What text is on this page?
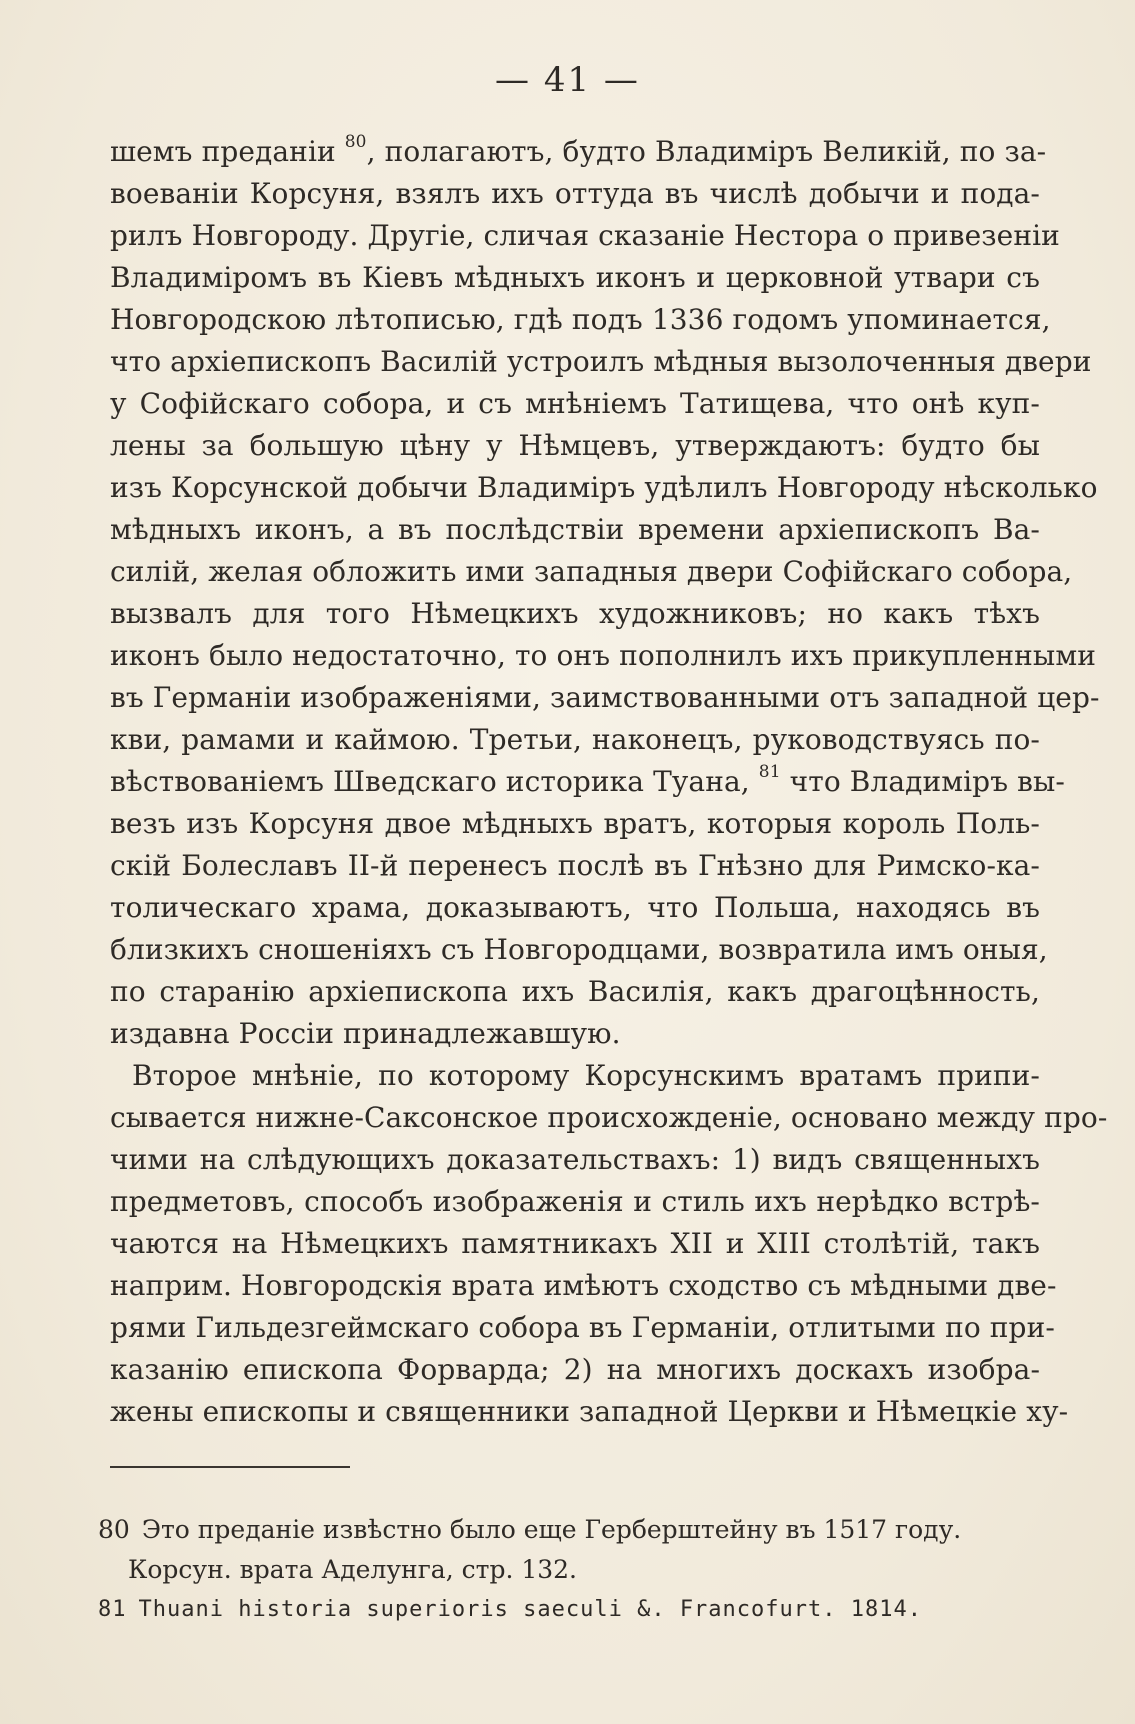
— 41 —
шемъ преданіи $^{80}$, полагаютъ, будто Владиміръ Великій, по за-
воеваніи Корсуня, взялъ ихъ оттуда въ числѣ добычи и пода-
рилъ Новгороду. Другіе, сличая сказаніе Нестора о привезеніи
Владиміромъ въ Кіевъ мѣдныхъ иконъ и церковной утвари съ
Новгородскою лѣтописью, гдѣ подъ 1336 годомъ упоминается,
что архіепископъ Василій устроилъ мѣдныя вызолоченныя двери
у Софійскаго собора, и съ мнѣніемъ Татищева, что онѣ куп-
лены за большую цѣну у Нѣмцевъ, утверждаютъ: будто бы
изъ Корсунской добычи Владиміръ удѣлилъ Новгороду нѣсколько
мѣдныхъ иконъ, а въ послѣдствіи времени архіепископъ Ва-
силій, желая обложить ими западныя двери Софійскаго собора,
вызвалъ для того Нѣмецкихъ художниковъ; но какъ тѣхъ
иконъ было недостаточно, то онъ пополнилъ ихъ прикупленными
въ Германіи изображеніями, заимствованными отъ западной цер-
кви, рамами и каймою. Третьи, наконецъ, руководствуясь по-
вѣствованіемъ Шведскаго историка Туана, $^{81}$ что Владиміръ вы-
везъ изъ Корсуня двое мѣдныхъ вратъ, которыя король Поль-
скій Болеславъ II-й перенесъ послѣ въ Гнѣзно для Римско-ка-
толическаго храма, доказываютъ, что Польша, находясь въ
близкихъ сношеніяхъ съ Новгородцами, возвратила имъ оныя,
по старанію архіепископа ихъ Василія, какъ драгоцѣнность,
издавна Россіи принадлежавшую.
Второе мнѣніе, по которому Корсунскимъ вратамъ припи-
сывается нижне-Саксонское происхожденіе, основано между про-
чими на слѣдующихъ доказательствахъ: 1) видъ священныхъ
предметовъ, способъ изображенія и стиль ихъ нерѣдко встрѣ-
чаются на Нѣмецкихъ памятникахъ XII и XIII столѣтій, такъ
наприм. Новгородскія врата имѣютъ сходство съ мѣдными две-
рями Гильдезгеймскаго собора въ Германіи, отлитыми по при-
казанію епископа Форварда; 2) на многихъ доскахъ изобра-
жены епископы и священники западной Церкви и Нѣмецкіе ху-
80 Это преданіе извѣстно было еще Герберштейну въ 1517 году.
Корсун. врата Аделунга, стр. 132.
81 Thuani historia superioris saeculi &. Francofurt. 1814.
